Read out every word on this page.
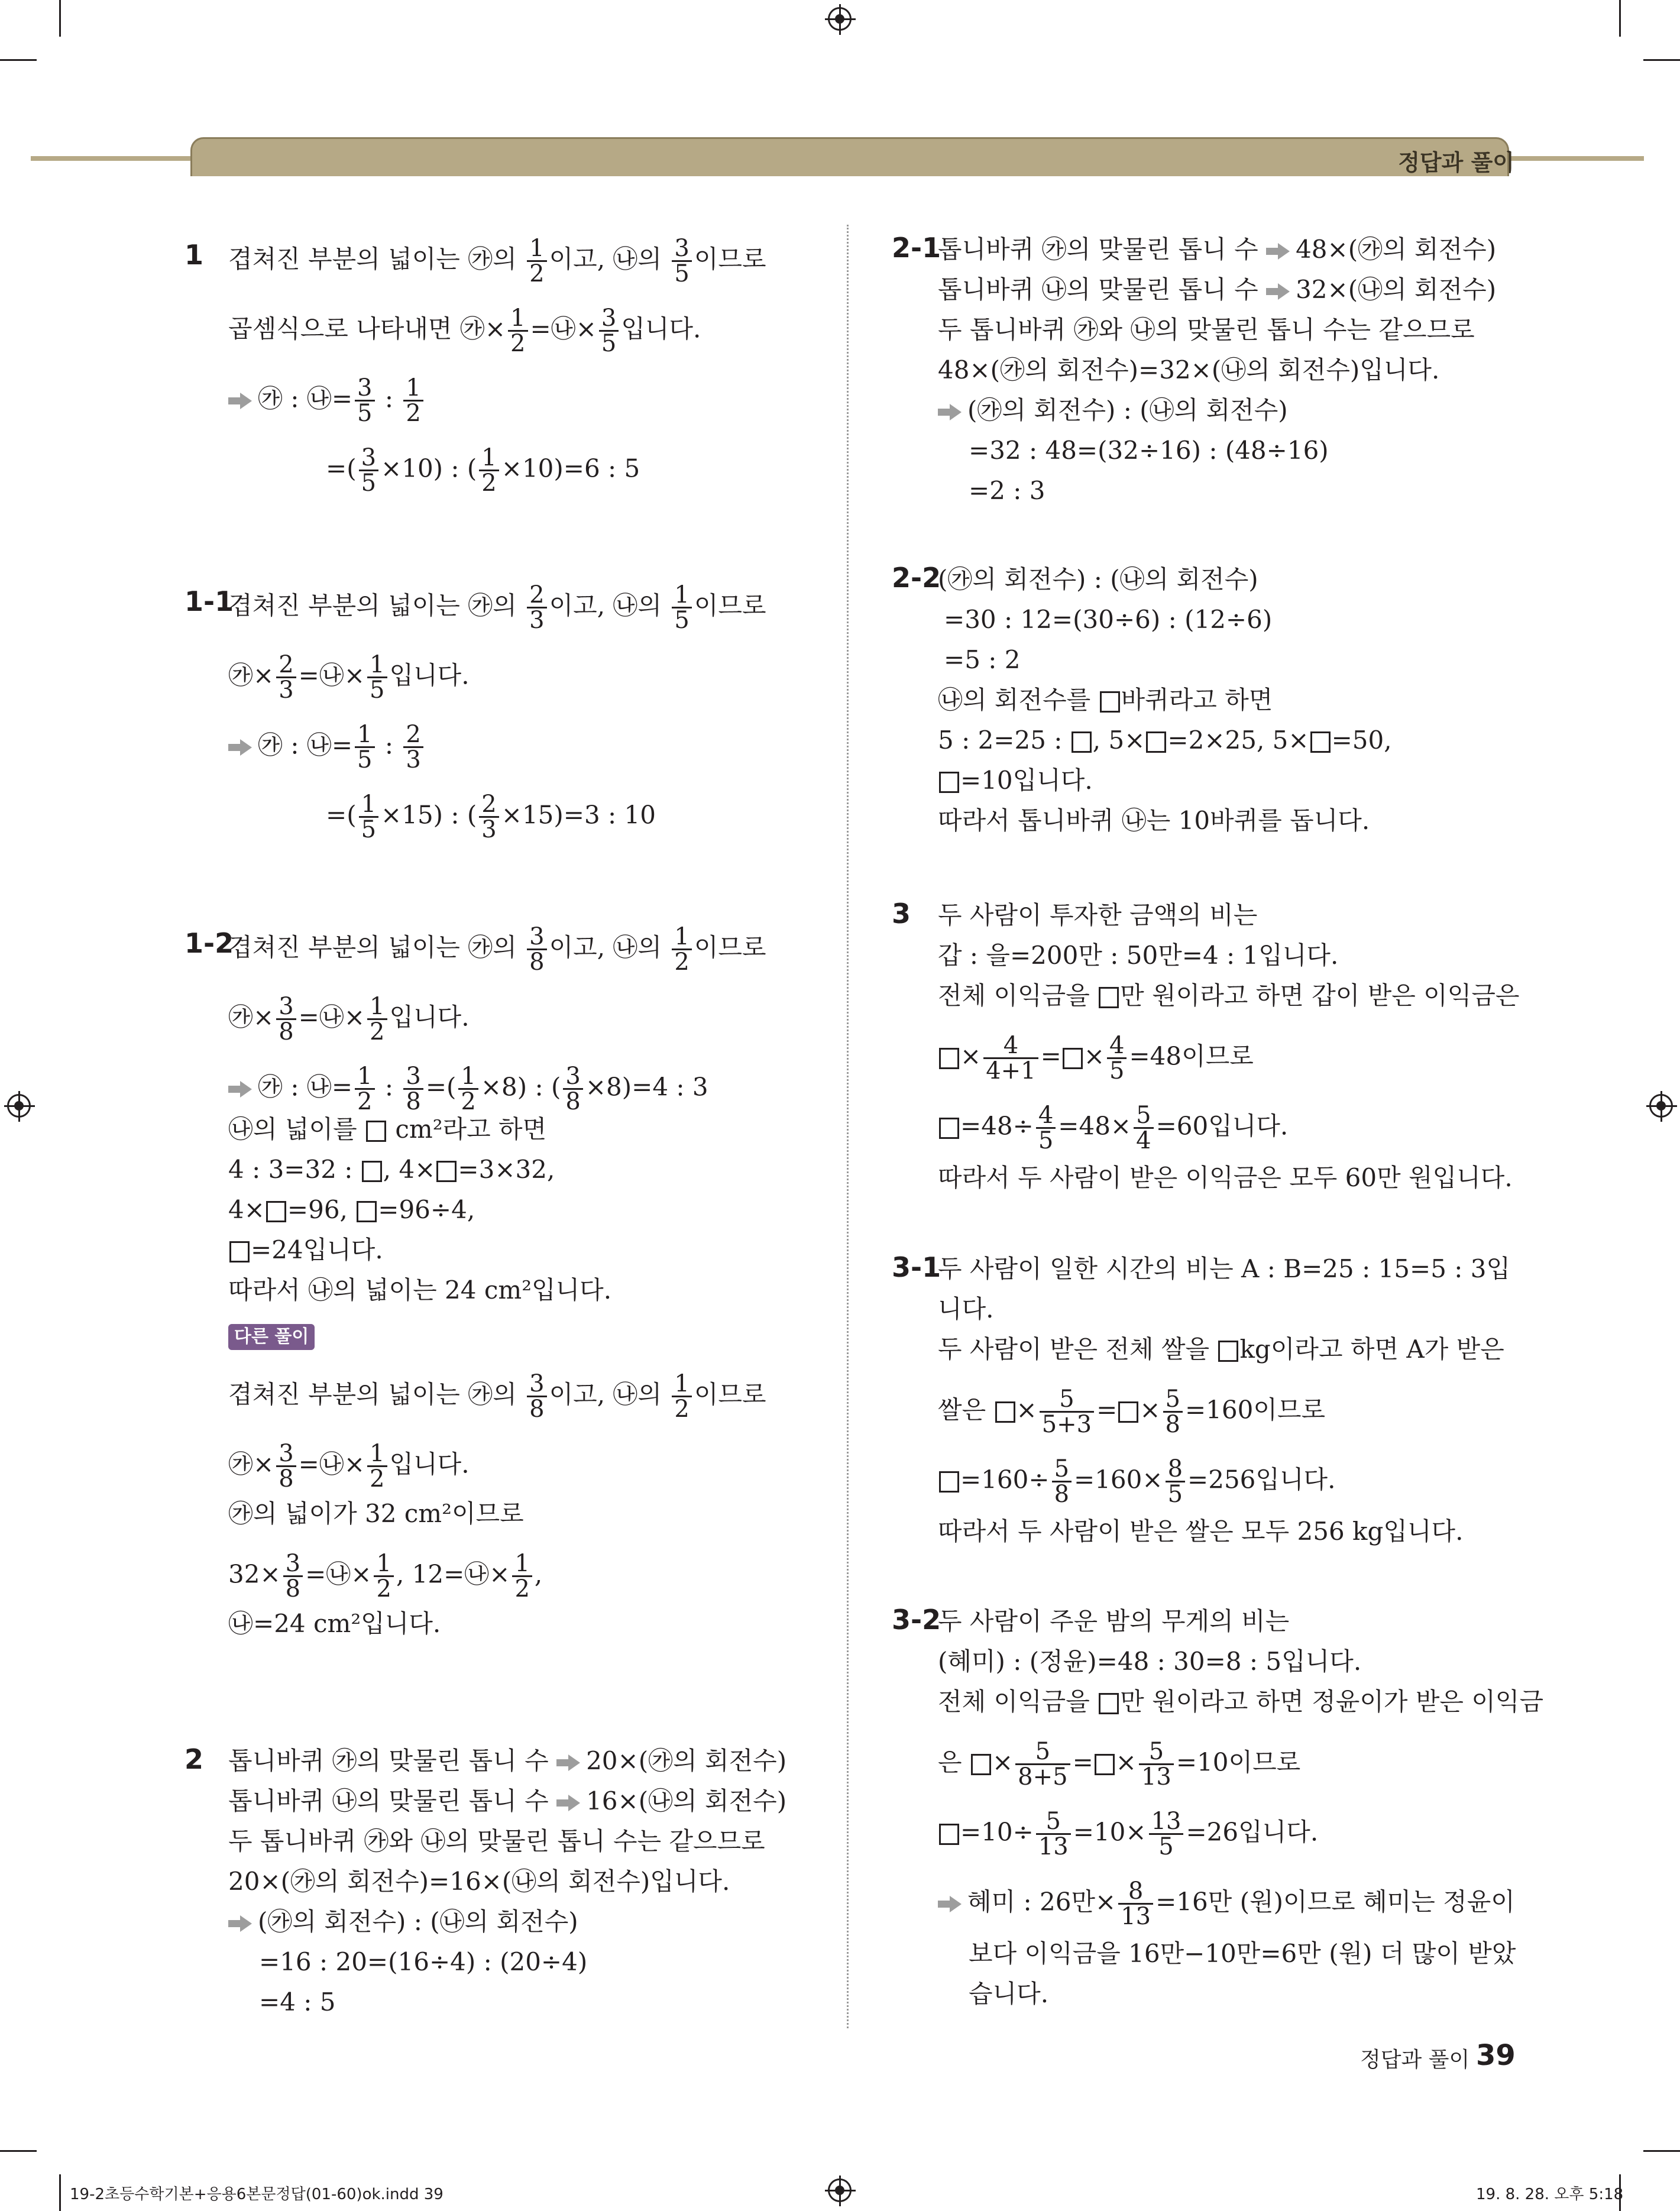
정답과 풀이
1 겹쳐진 부분의 넓이는 ㉮의 $\frac{1}{2}$ 이고, ㉯의 $\frac{3}{5}$ 이므로
곱셈식으로 나타내면 ㉮× $\frac{1}{2}$ =㉯× $\frac{3}{5}$ 입니다.
㉮ : ㉯= $\frac{3}{5}$ : $\frac{1}{2}$
=( $\frac{3}{5} \times 10$) : ( $\frac{1}{2} \times 10)=6$ : 5
1-1
겹쳐진 부분의 넓이는 ㉮의 $\frac{2}{3}$ 이고, ㉯의 $\frac{1}{5}$ 이므로
㉮× $\frac{2}{3}$ =㉯× $\frac{1}{5}$ 입니다.
㉮ : ㉯= $\frac{1}{5}$ : $\frac{2}{3}$
=( $\frac{1}{5} \times 15$) : ( $\frac{2}{3} \times 15)=3$ : 10
1-2
겹쳐진 부분의 넓이는 ㉮의 $\frac{3}{8}$ 이고, ㉯의 $\frac{1}{2}$ 이므로
㉮× $\frac{3}{8}$ =㉯× $\frac{1}{2}$ 입니다.
㉮ : ㉯= $\frac{1}{2}$ : $\frac{3}{8}$ =( $\frac{1}{2} \times 8$) : ( $\frac{3}{8} \times 8)=4$ : 3
㉯의 넓이를  cm²라고 하면
4 : 3=32 : , 4× =3×32,
4× =96, =96÷4,
=24입니다.
따라서 ㉯의 넓이는 24 cm²입니다.
다른 풀이
겹쳐진 부분의 넓이는 ㉮의 $\frac{3}{8}$ 이고, ㉯의 $\frac{1}{2}$ 이므로
㉮× $\frac{3}{8}$ =㉯× $\frac{1}{2}$ 입니다.
㉮의 넓이가 32 cm²이므로
$32\times \frac{3}{8}$ =㉯× $\frac{1}{2}$ , 12=㉯× $\frac{1}{2}$ ,
㉯=24 cm²입니다.
2 톱니바퀴 ㉮의 맞물린 톱니 수 20×(㉮의 회전수)
톱니바퀴 ㉯의 맞물린 톱니 수 16×(㉯의 회전수)
두 톱니바퀴 ㉮와 ㉯의 맞물린 톱니 수는 같으므로
20×(㉮의 회전수)=16×(㉯의 회전수)입니다.
(㉮의 회전수) : (㉯의 회전수)
=16 : 20=(16÷4) : (20÷4)
=4 : 5
2-1
톱니바퀴 ㉮의 맞물린 톱니 수 48×(㉮의 회전수)
톱니바퀴 ㉯의 맞물린 톱니 수 32×(㉯의 회전수)
두 톱니바퀴 ㉮와 ㉯의 맞물린 톱니 수는 같으므로
48×(㉮의 회전수)=32×(㉯의 회전수)입니다.
(㉮의 회전수) : (㉯의 회전수)
=32 : 48=(32÷16) : (48÷16)
=2 : 3
2-2
(㉮의 회전수) : (㉯의 회전수)
=30 : 12=(30÷6) : (12÷6)
=5 : 2
㉯의 회전수를 바퀴라고 하면
5 : 2=25 : , 5× =2×25, 5× =50,
=10입니다.
따라서 톱니바퀴 ㉯는 10바퀴를 돕니다.
3 두 사람이 투자한 금액의 비는
갑 : 을=200만 : 50만=4 : 1입니다.
전체 이익금을 만 원이라고 하면 갑이 받은 이익금은
× $\frac{4}{4+1}$ = × $\frac{4}{5} =48$이므로
$=48\div \frac{4}{5} =48\times \frac{5}{4} =60$입니다.
따라서 두 사람이 받은 이익금은 모두 60만 원입니다.
3-1
두 사람이 일한 시간의 비는 A : B=25 : 15=5 : 3입
니다.
두 사람이 받은 전체 쌀을 kg이라고 하면 A가 받은
쌀은 × $\frac{5}{5+3}$ = × $\frac{5}{8} =160$이므로
$=160\div \frac{5}{8} =160\times \frac{8}{5} =256$입니다.
따라서 두 사람이 받은 쌀은 모두 256 kg입니다.
3-2
두 사람이 주운 밤의 무게의 비는
(혜미) : (정윤)=48 : 30=8 : 5입니다.
전체 이익금을 만 원이라고 하면 정윤이가 받은 이익금
은 × $\frac{5}{8+5}$ = × $\frac{5}{13} =10$이므로
$=10\div \frac{5}{13} =10\times \frac{13}{5} =26$입니다.
혜미 : 26만× $\frac{8}{13} =16$만 (원)이므로 혜미는 정윤이
보다 이익금을 16만−10만=6만 (원) 더 많이 받았
습니다.
정답과 풀이 39
19-2초등수학기본+응용6본문정답(01-60)ok.indd 39	19. 8. 28. 오후 5:18
